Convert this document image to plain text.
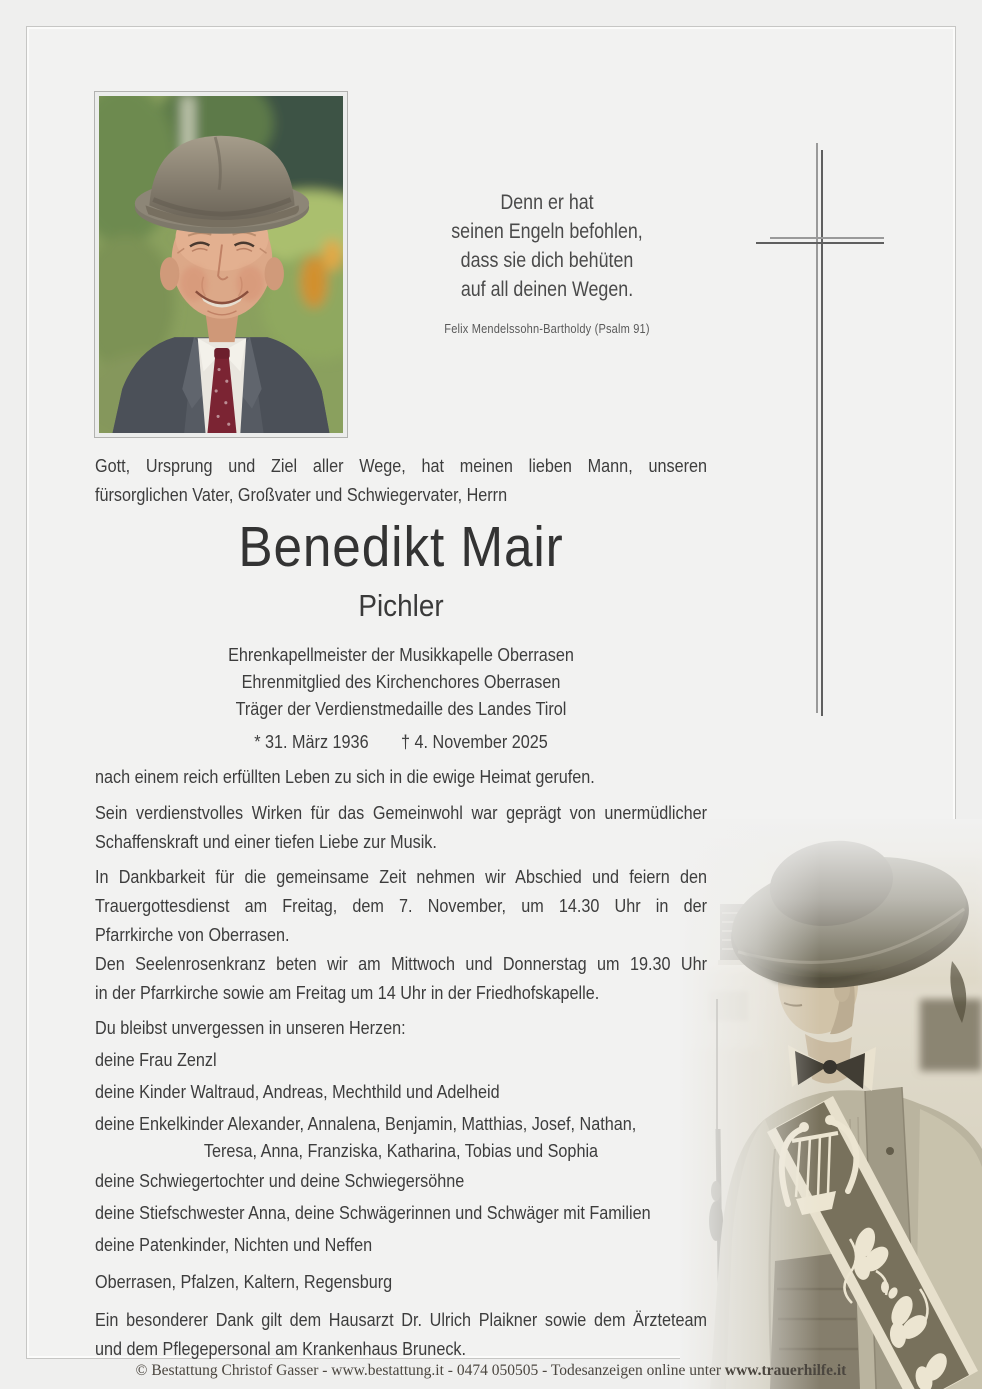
Denn er hat
seinen Engeln befohlen,
dass sie dich behüten
auf all deinen Wegen.
Felix Mendelssohn-Bartholdy (Psalm 91)
Gott, Ursprung und Ziel aller Wege, hat meinen lieben Mann, unseren
fürsorglichen Vater, Großvater und Schwiegervater, Herrn
Benedikt Mair
Pichler
Ehrenkapellmeister der Musikkapelle Oberrasen
Ehrenmitglied des Kirchenchores Oberrasen
Träger der Verdienstmedaille des Landes Tirol
* 31. März 1936 † 4. November 2025
nach einem reich erfüllten Leben zu sich in die ewige Heimat gerufen.
Sein verdienstvolles Wirken für das Gemeinwohl war geprägt von unermüdlicher
Schaffenskraft und einer tiefen Liebe zur Musik.
In Dankbarkeit für die gemeinsame Zeit nehmen wir Abschied und feiern den
Trauergottesdienst am Freitag, dem 7. November, um 14.30 Uhr in der
Pfarrkirche von Oberrasen.
Den Seelenrosenkranz beten wir am Mittwoch und Donnerstag um 19.30 Uhr
in der Pfarrkirche sowie am Freitag um 14 Uhr in der Friedhofskapelle.
Du bleibst unvergessen in unseren Herzen:
deine Frau Zenzl
deine Kinder Waltraud, Andreas, Mechthild und Adelheid
deine Enkelkinder Alexander, Annalena, Benjamin, Matthias, Josef, Nathan,
Teresa, Anna, Franziska, Katharina, Tobias und Sophia
deine Schwiegertochter und deine Schwiegersöhne
deine Stiefschwester Anna, deine Schwägerinnen und Schwäger mit Familien
deine Patenkinder, Nichten und Neffen
Oberrasen, Pfalzen, Kaltern, Regensburg
Ein besonderer Dank gilt dem Hausarzt Dr. Ulrich Plaikner sowie dem Ärzteteam
und dem Pflegepersonal am Krankenhaus Bruneck.
© Bestattung Christof Gasser - www.bestattung.it - 0474 050505 - Todesanzeigen online unter www.trauerhilfe.it
